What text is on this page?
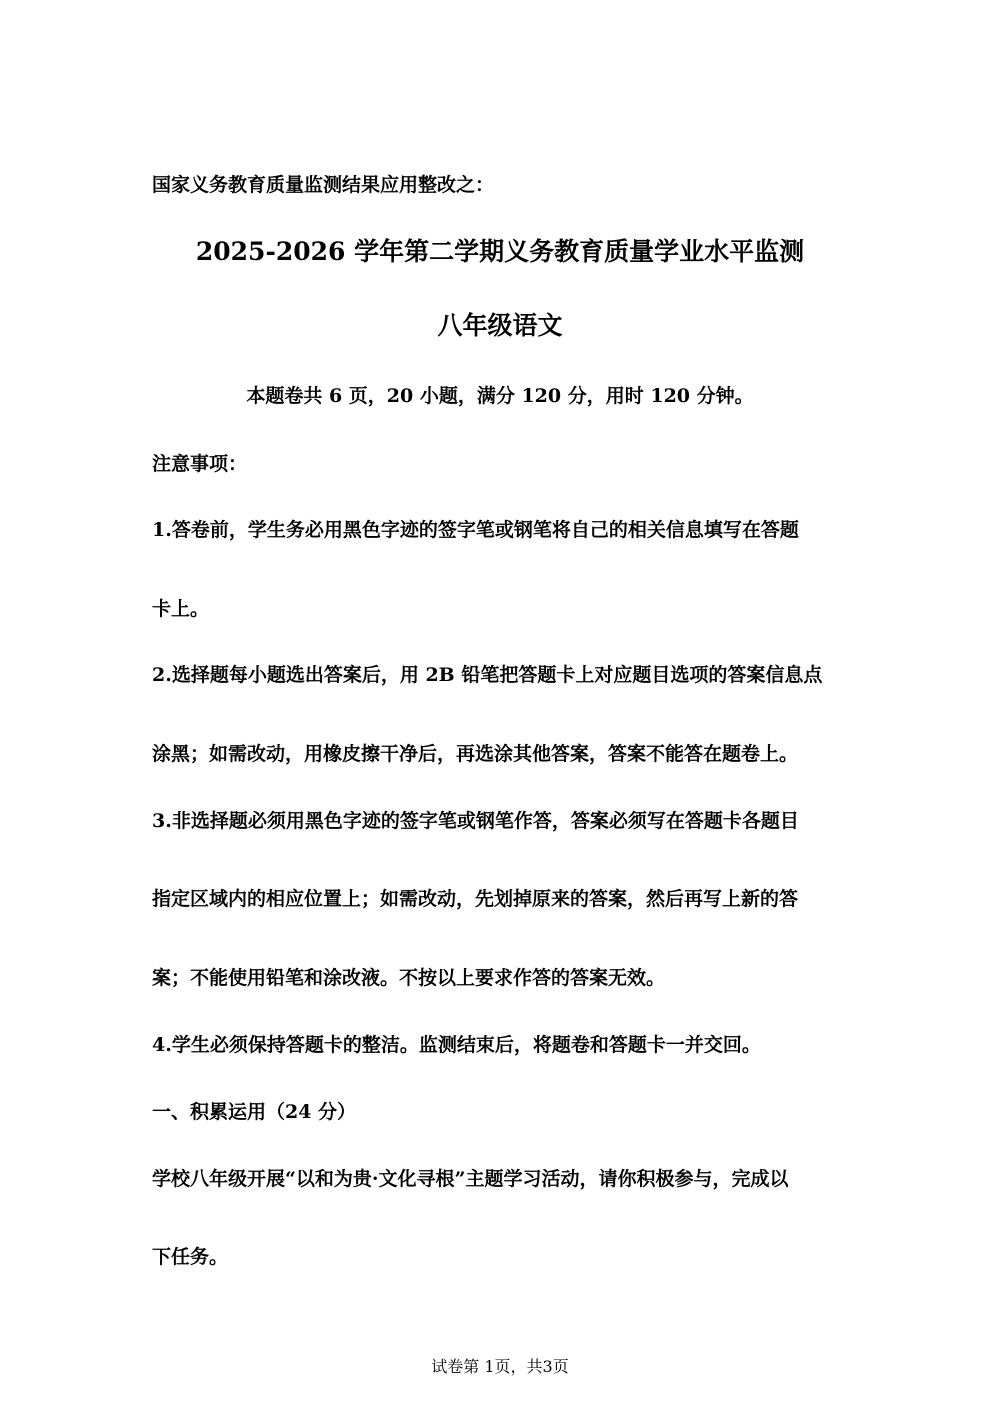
国家义务教育质量监测结果应用整改之：

2025-2026 学年第二学期义务教育质量学业水平监测

八年级语文

本题卷共 6 页，20 小题，满分 120 分，用时 120 分钟。

注意事项：

1.答卷前，学生务必用黑色字迹的签字笔或钢笔将自己的相关信息填写在答题

卡上。

2.选择题每小题选出答案后，用 2B 铅笔把答题卡上对应题目选项的答案信息点

涂黑；如需改动，用橡皮擦干净后，再选涂其他答案，答案不能答在题卷上。

3.非选择题必须用黑色字迹的签字笔或钢笔作答，答案必须写在答题卡各题目

指定区域内的相应位置上；如需改动，先划掉原来的答案，然后再写上新的答

案；不能使用铅笔和涂改液。不按以上要求作答的答案无效。

4.学生必须保持答题卡的整洁。监测结束后，将题卷和答题卡一并交回。

一、积累运用（24 分）

学校八年级开展“以和为贵·文化寻根”主题学习活动，请你积极参与，完成以

下任务。

试卷第 1页，共3页
